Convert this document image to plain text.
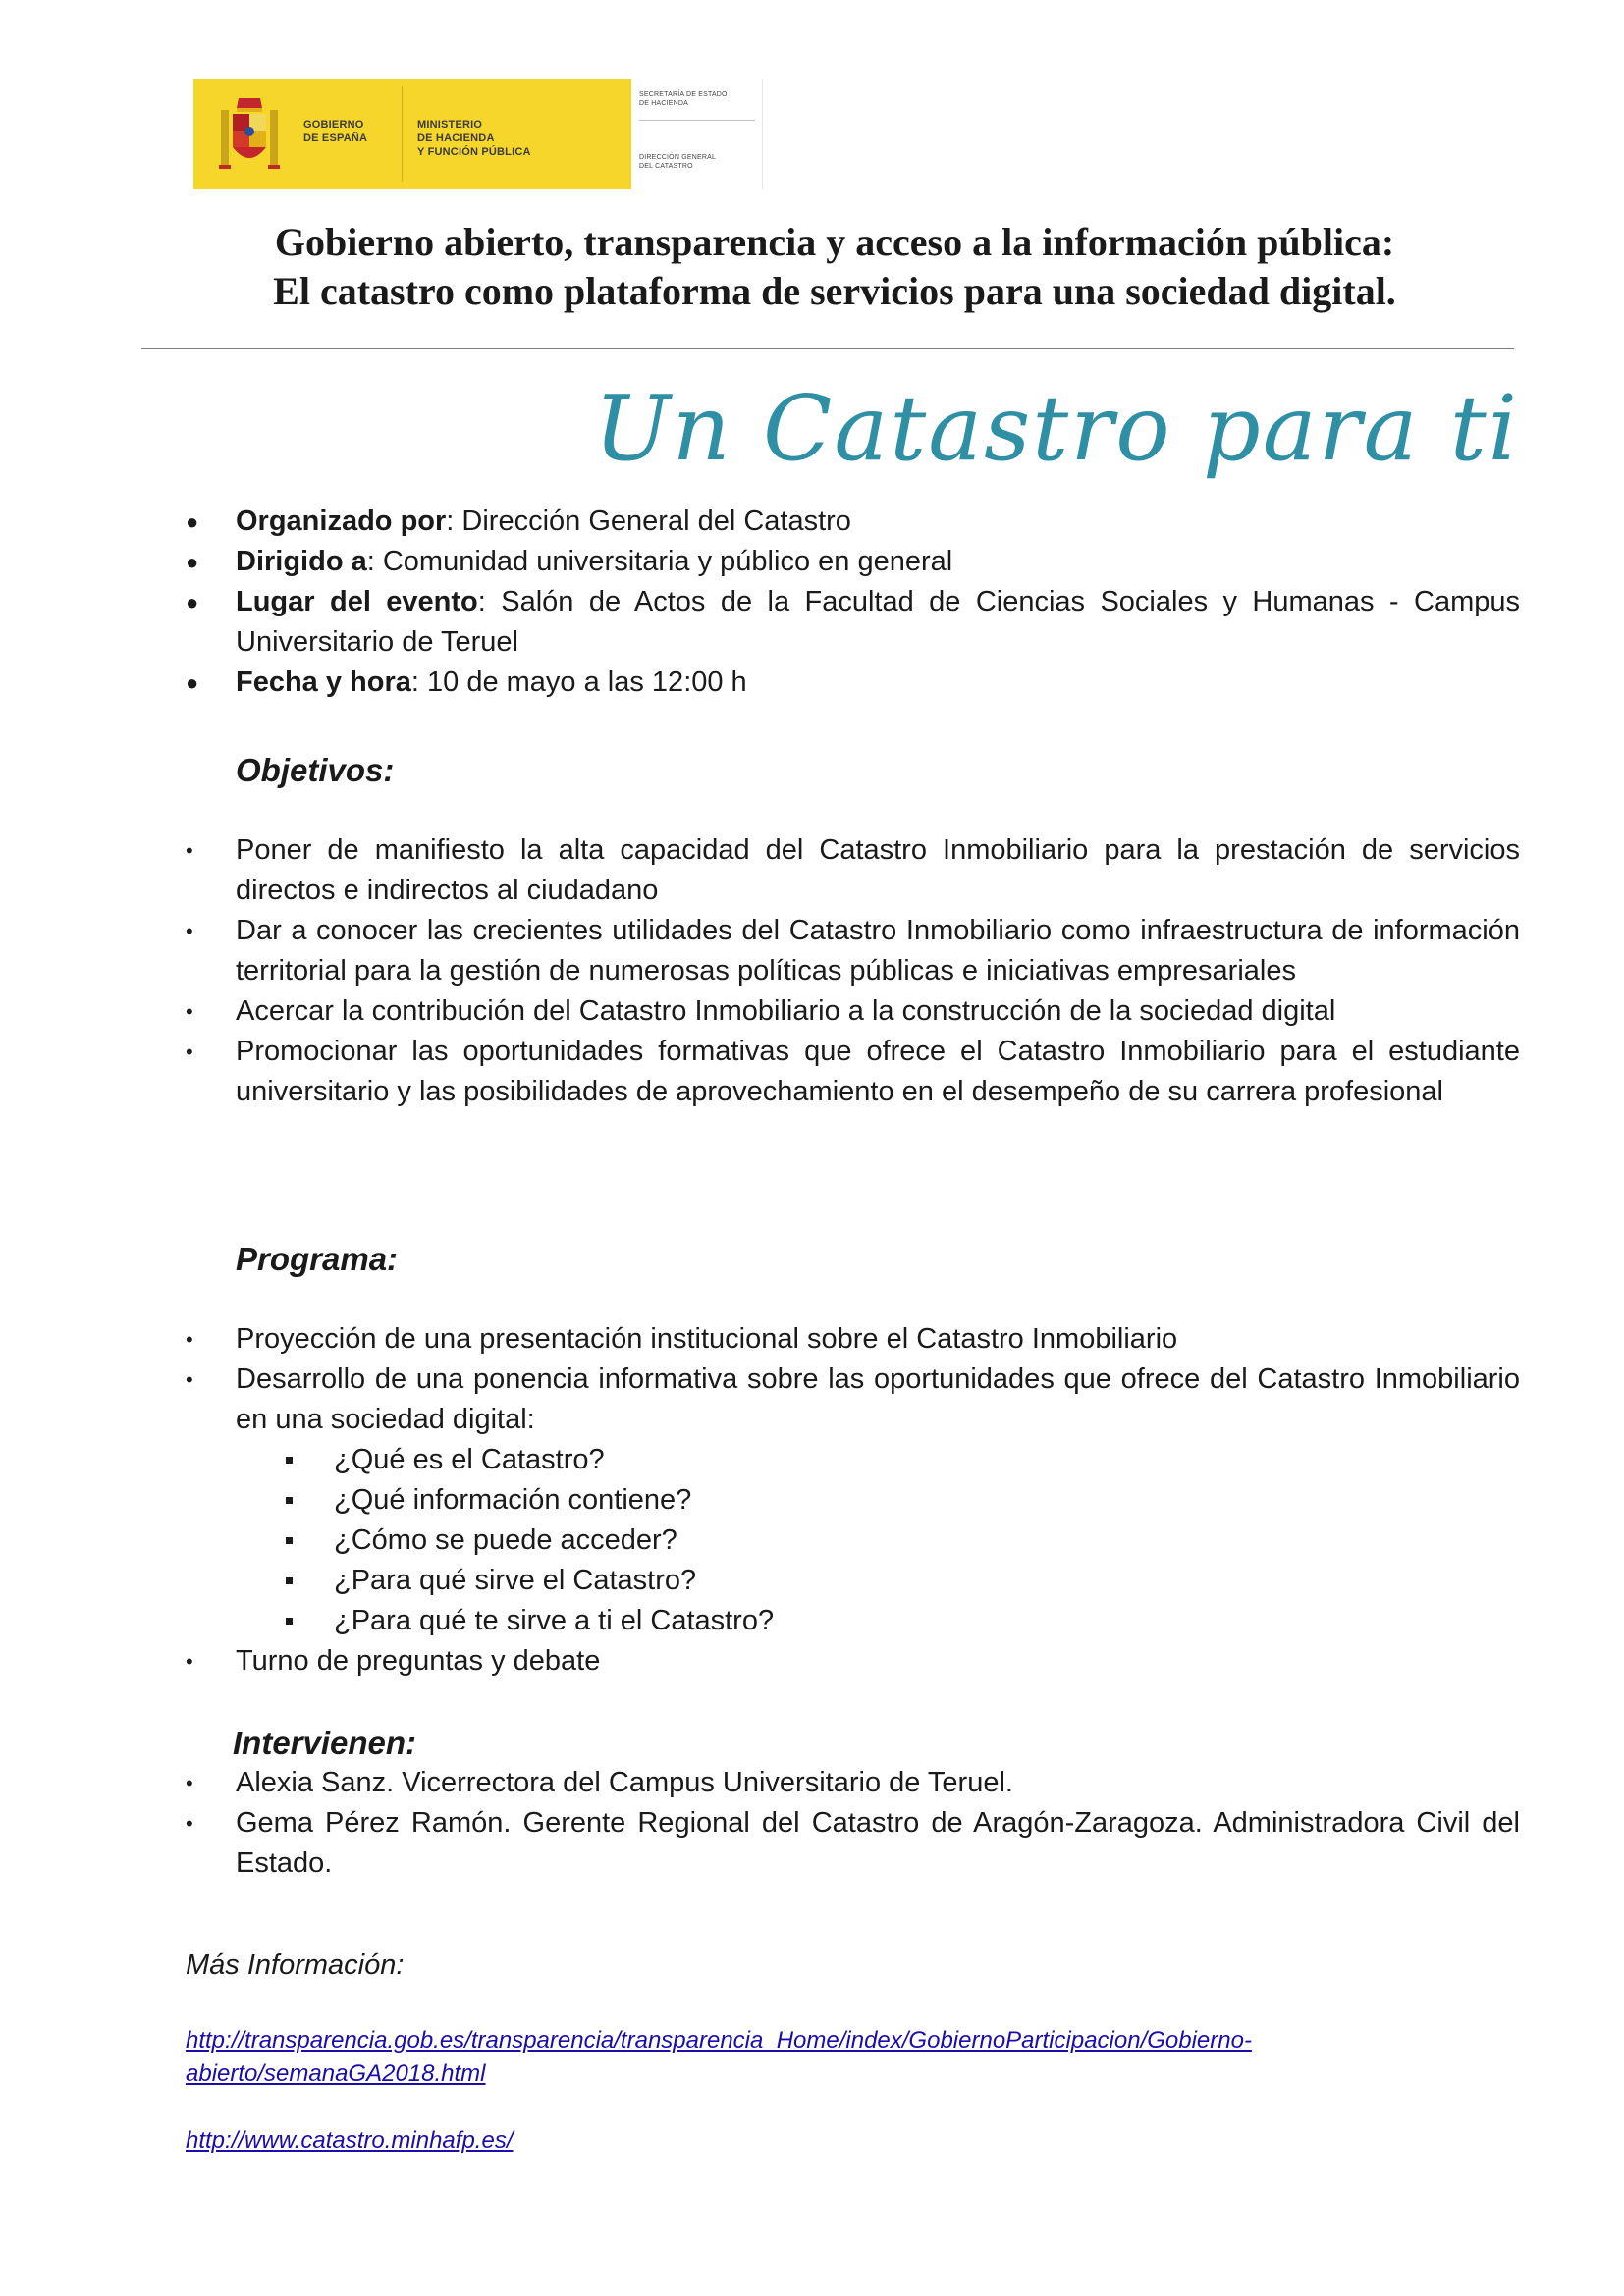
GOBIERNO
DE ESPAÑA
MINISTERIO
DE HACIENDA
Y FUNCIÓN PÚBLICA
SECRETARÍA DE ESTADO
DE HACIENDA
DIRECCIÓN GENERAL
DEL CATASTRO
Gobierno abierto, transparencia y acceso a la información pública:
El catastro como plataforma de servicios para una sociedad digital.
Un Catastro para ti
● Organizado por: Dirección General del Catastro
● Dirigido a: Comunidad universitaria y público en general
● Lugar del evento: Salón de Actos de la Facultad de Ciencias Sociales y Humanas - Campus Universitario de Teruel
● Fecha y hora: 10 de mayo a las 12:00 h
Objetivos:
• Poner de manifiesto la alta capacidad del Catastro Inmobiliario para la prestación de servicios directos e indirectos al ciudadano
• Dar a conocer las crecientes utilidades del Catastro Inmobiliario como infraestructura de información territorial para la gestión de numerosas políticas públicas e iniciativas empresariales
• Acercar la contribución del Catastro Inmobiliario a la construcción de la sociedad digital
• Promocionar las oportunidades formativas que ofrece el Catastro Inmobiliario para el estudiante universitario y las posibilidades de aprovechamiento en el desempeño de su carrera profesional
Programa:
• Proyección de una presentación institucional sobre el Catastro Inmobiliario
• Desarrollo de una ponencia informativa sobre las oportunidades que ofrece del Catastro Inmobiliario en una sociedad digital:
¿Qué es el Catastro?
¿Qué información contiene?
¿Cómo se puede acceder?
¿Para qué sirve el Catastro?
¿Para qué te sirve a ti el Catastro?
• Turno de preguntas y debate
Intervienen:
• Alexia Sanz. Vicerrectora del Campus Universitario de Teruel.
• Gema Pérez Ramón. Gerente Regional del Catastro de Aragón-Zaragoza. Administradora Civil del Estado.
Más Información:
http://transparencia.gob.es/transparencia/transparencia_Home/index/GobiernoParticipacion/Gobierno-
abierto/semanaGA2018.html
http://www.catastro.minhafp.es/
